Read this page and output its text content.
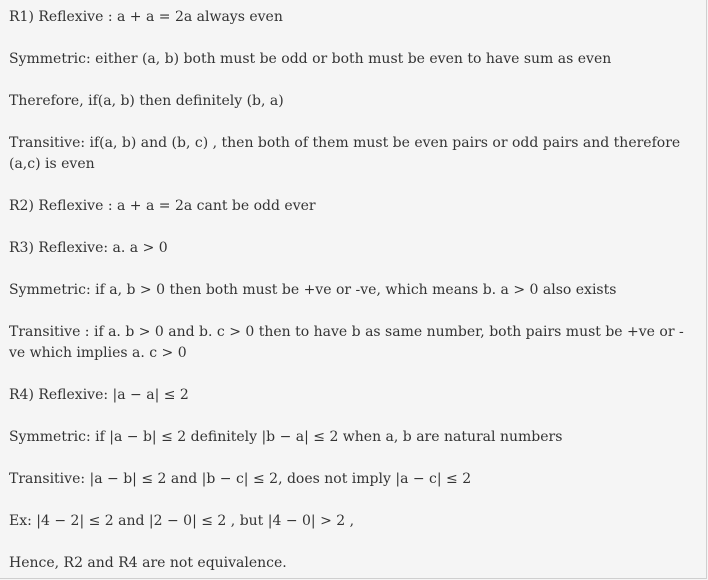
R1) Reflexive : a + a = 2a always even
Symmetric: either (a, b) both must be odd or both must be even to have sum as even
Therefore, if(a, b) then definitely (b, a)
Transitive: if(a, b) and (b, c) , then both of them must be even pairs or odd pairs and therefore (a,c) is even
R2) Reflexive : a + a = 2a cant be odd ever
R3) Reflexive: a. a > 0
Symmetric: if a, b > 0 then both must be +ve or -ve, which means b. a > 0 also exists
Transitive : if a. b > 0 and b. c > 0 then to have b as same number, both pairs must be +ve or -ve which implies a. c > 0
R4) Reflexive: |a − a| ≤ 2
Symmetric: if |a − b| ≤ 2 definitely |b − a| ≤ 2 when a, b are natural numbers
Transitive: |a − b| ≤ 2 and |b − c| ≤ 2, does not imply |a − c| ≤ 2
Ex: |4 − 2| ≤ 2 and |2 − 0| ≤ 2 , but |4 − 0| > 2 ,
Hence, R2 and R4 are not equivalence.
